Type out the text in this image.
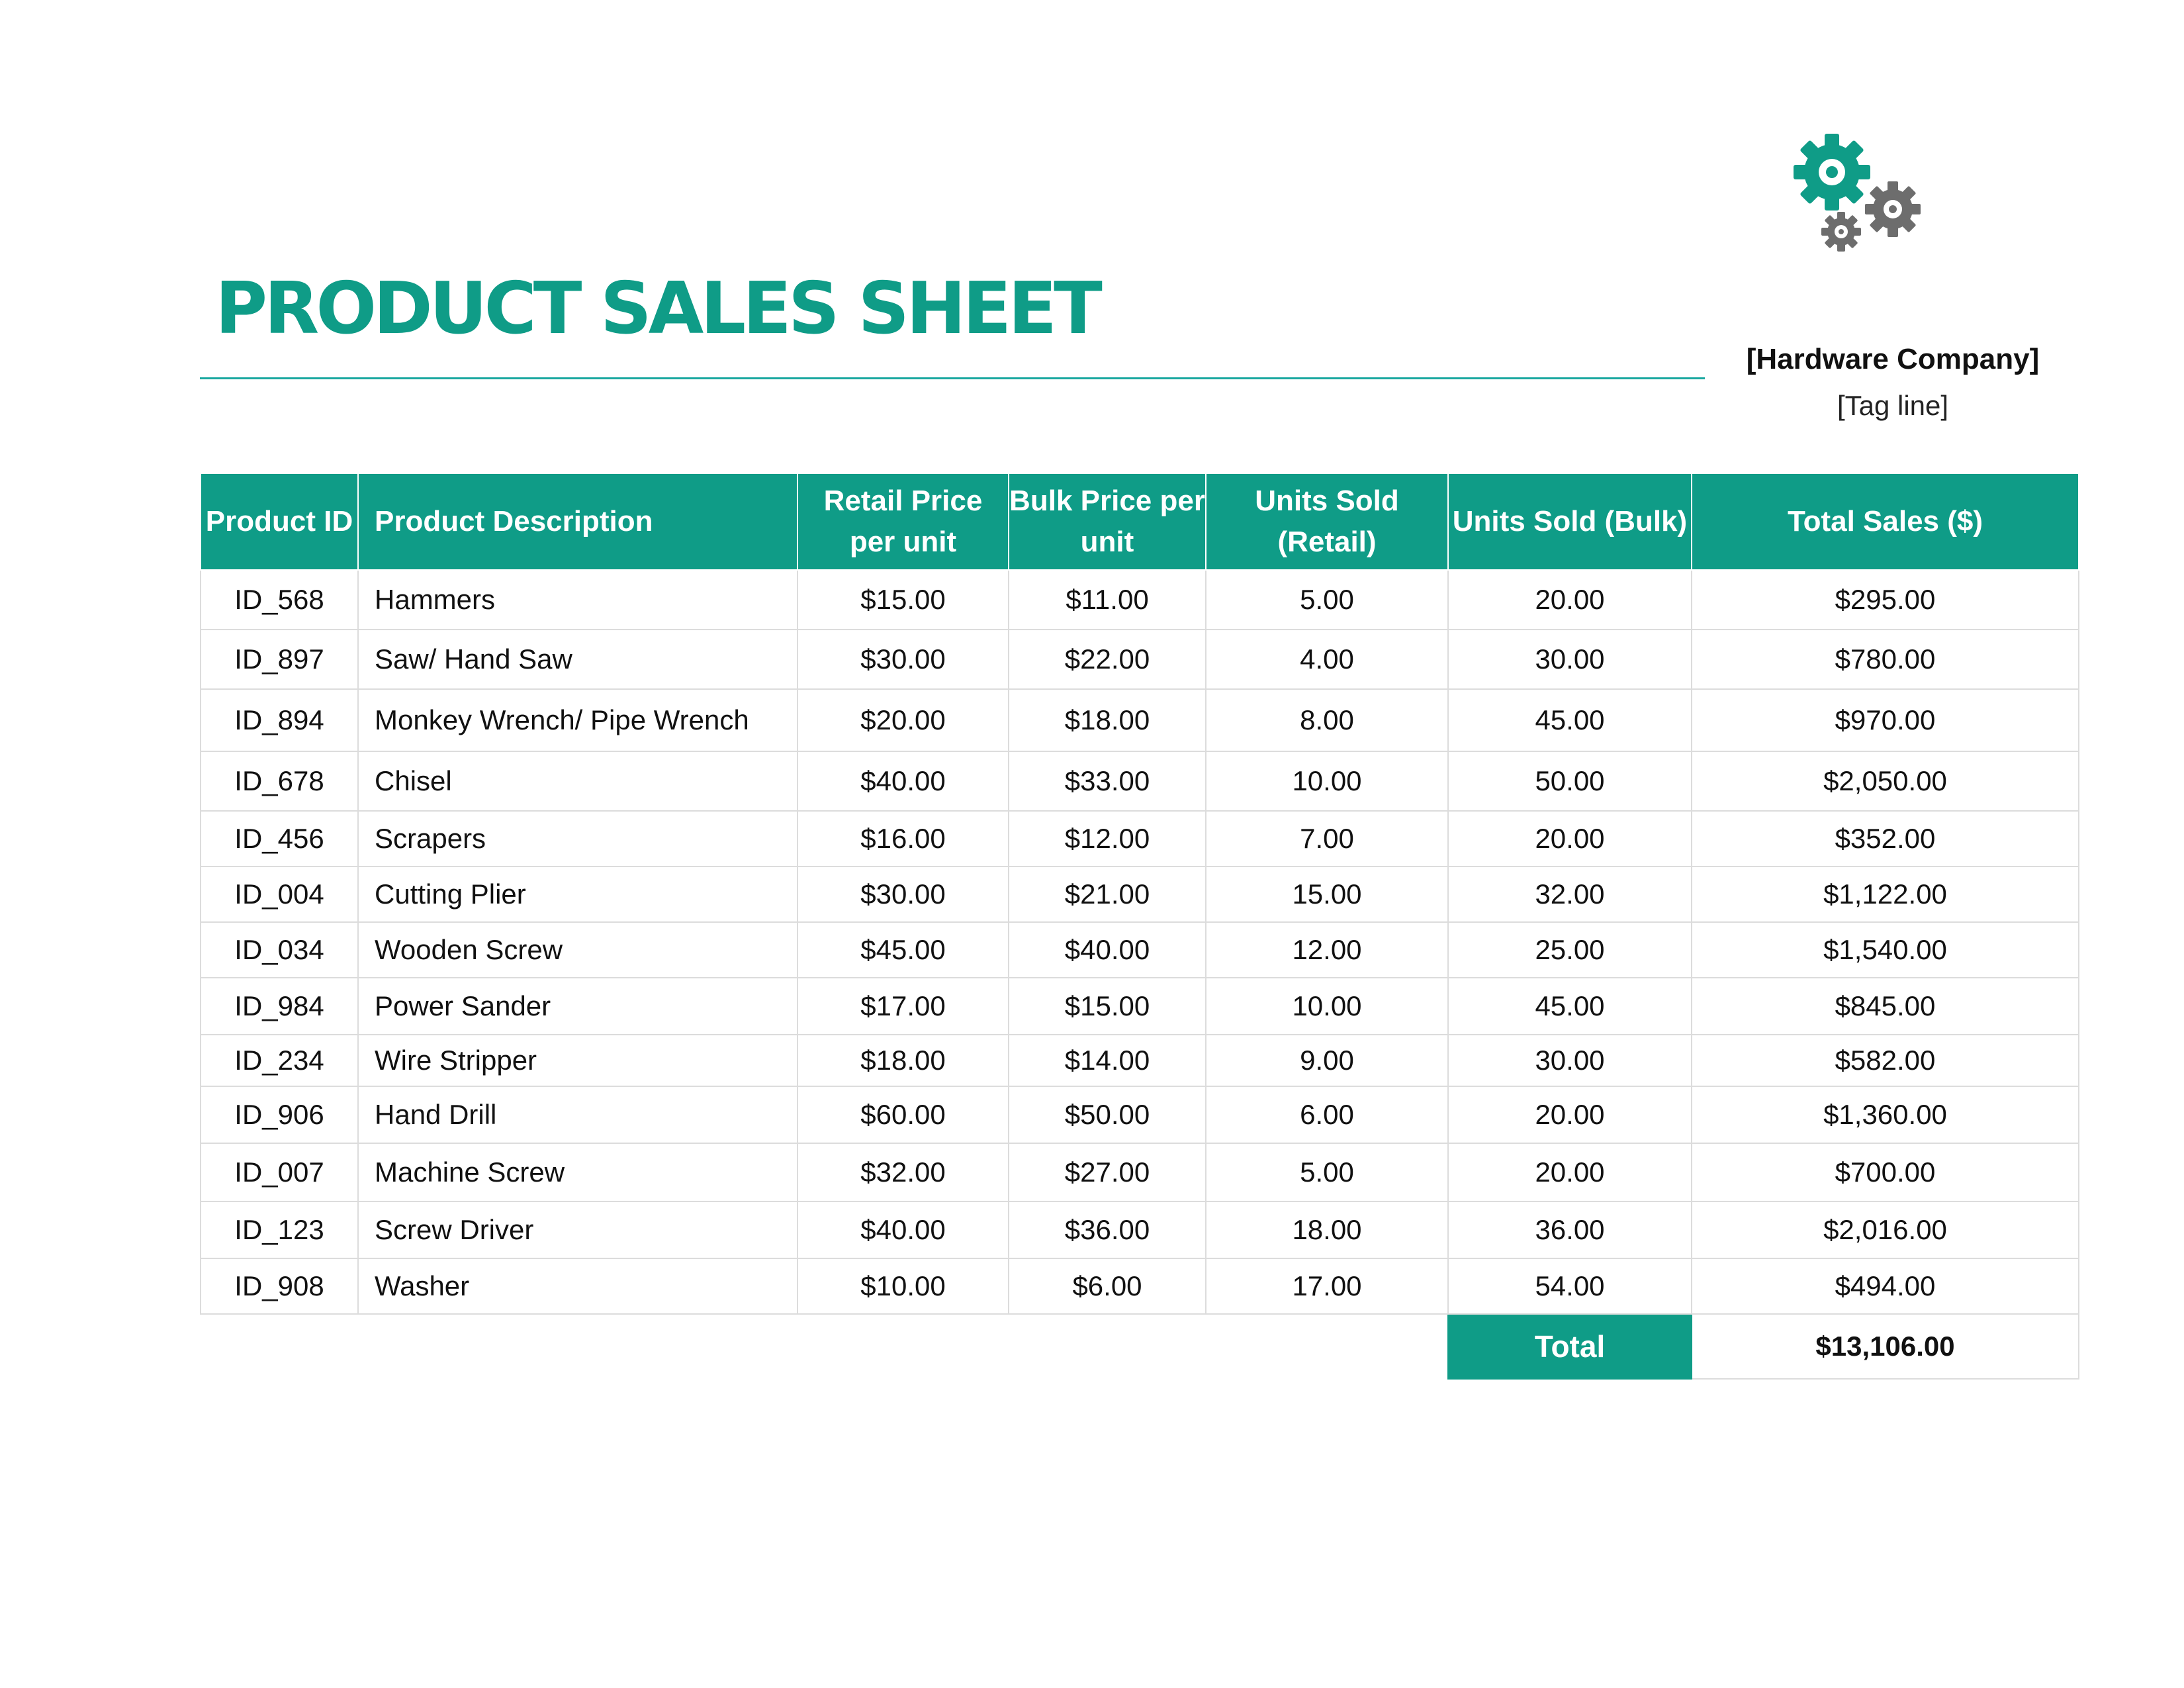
PRODUCT SALES SHEET
[Hardware Company]
[Tag line]
Product ID	Product Description	Retail Price per unit	Bulk Price per unit	Units Sold (Retail)	Units Sold (Bulk)	Total Sales ($)
ID_568	Hammers	$15.00	$11.00	5.00	20.00	$295.00
ID_897	Saw/ Hand Saw	$30.00	$22.00	4.00	30.00	$780.00
ID_894	Monkey Wrench/ Pipe Wrench	$20.00	$18.00	8.00	45.00	$970.00
ID_678	Chisel	$40.00	$33.00	10.00	50.00	$2,050.00
ID_456	Scrapers	$16.00	$12.00	7.00	20.00	$352.00
ID_004	Cutting Plier	$30.00	$21.00	15.00	32.00	$1,122.00
ID_034	Wooden Screw	$45.00	$40.00	12.00	25.00	$1,540.00
ID_984	Power Sander	$17.00	$15.00	10.00	45.00	$845.00
ID_234	Wire Stripper	$18.00	$14.00	9.00	30.00	$582.00
ID_906	Hand Drill	$60.00	$50.00	6.00	20.00	$1,360.00
ID_007	Machine Screw	$32.00	$27.00	5.00	20.00	$700.00
ID_123	Screw Driver	$40.00	$36.00	18.00	36.00	$2,016.00
ID_908	Washer	$10.00	$6.00	17.00	54.00	$494.00
					Total	$13,106.00
